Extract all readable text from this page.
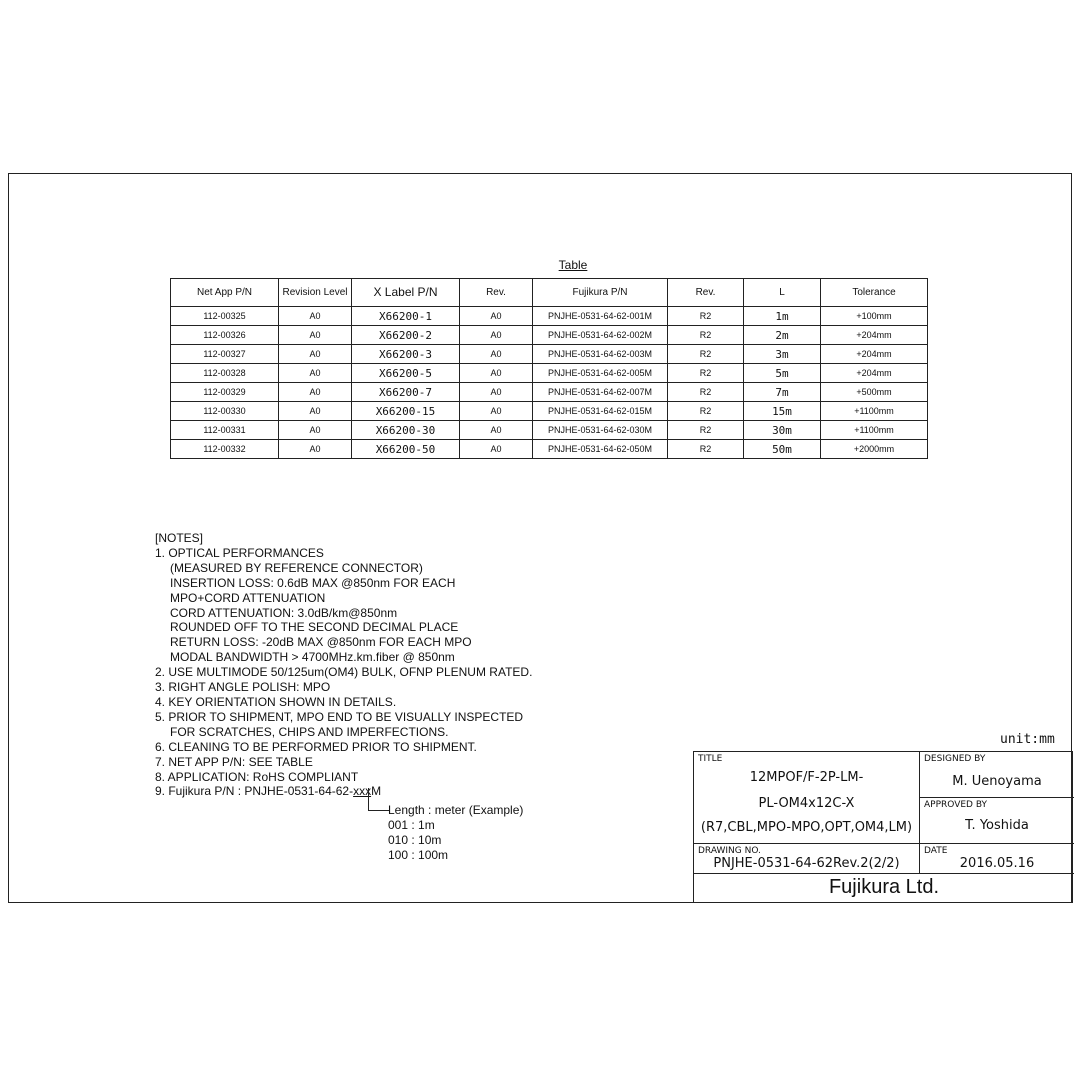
Table
Net App P/N	Revision Level	X Label P/N	Rev.	Fujikura P/N	Rev.	L	Tolerance
112-00325	A0	X66200-1	A0	PNJHE-0531-64-62-001M	R2	1m	+100mm
112-00326	A0	X66200-2	A0	PNJHE-0531-64-62-002M	R2	2m	+204mm
112-00327	A0	X66200-3	A0	PNJHE-0531-64-62-003M	R2	3m	+204mm
112-00328	A0	X66200-5	A0	PNJHE-0531-64-62-005M	R2	5m	+204mm
112-00329	A0	X66200-7	A0	PNJHE-0531-64-62-007M	R2	7m	+500mm
112-00330	A0	X66200-15	A0	PNJHE-0531-64-62-015M	R2	15m	+1100mm
112-00331	A0	X66200-30	A0	PNJHE-0531-64-62-030M	R2	30m	+1100mm
112-00332	A0	X66200-50	A0	PNJHE-0531-64-62-050M	R2	50m	+2000mm
[NOTES]
1. OPTICAL PERFORMANCES
(MEASURED BY REFERENCE CONNECTOR)
INSERTION LOSS: 0.6dB MAX @850nm FOR EACH
MPO+CORD ATTENUATION
CORD ATTENUATION: 3.0dB/km@850nm
ROUNDED OFF TO THE SECOND DECIMAL PLACE
RETURN LOSS: -20dB MAX @850nm FOR EACH MPO
MODAL BANDWIDTH > 4700MHz.km.fiber @ 850nm
2. USE MULTIMODE 50/125um(OM4) BULK, OFNP PLENUM RATED.
3. RIGHT ANGLE POLISH: MPO
4. KEY ORIENTATION SHOWN IN DETAILS.
5. PRIOR TO SHIPMENT, MPO END TO BE VISUALLY INSPECTED
FOR SCRATCHES, CHIPS AND IMPERFECTIONS.
6. CLEANING TO BE PERFORMED PRIOR TO SHIPMENT.
7. NET APP P/N: SEE TABLE
8. APPLICATION: RoHS COMPLIANT
9. Fujikura P/N : PNJHE-0531-64-62-xxxM
Length : meter (Example)
001 : 1m
010 : 10m
100 : 100m
unit:mm
TITLE
12MPOF/F-2P-LM-
PL-OM4x12C-X
(R7,CBL,MPO-MPO,OPT,OM4,LM)
DESIGNED BY
M. Uenoyama
APPROVED BY
T. Yoshida
DRAWING NO.
PNJHE-0531-64-62Rev.2(2/2)
DATE
2016.05.16
Fujikura Ltd.
